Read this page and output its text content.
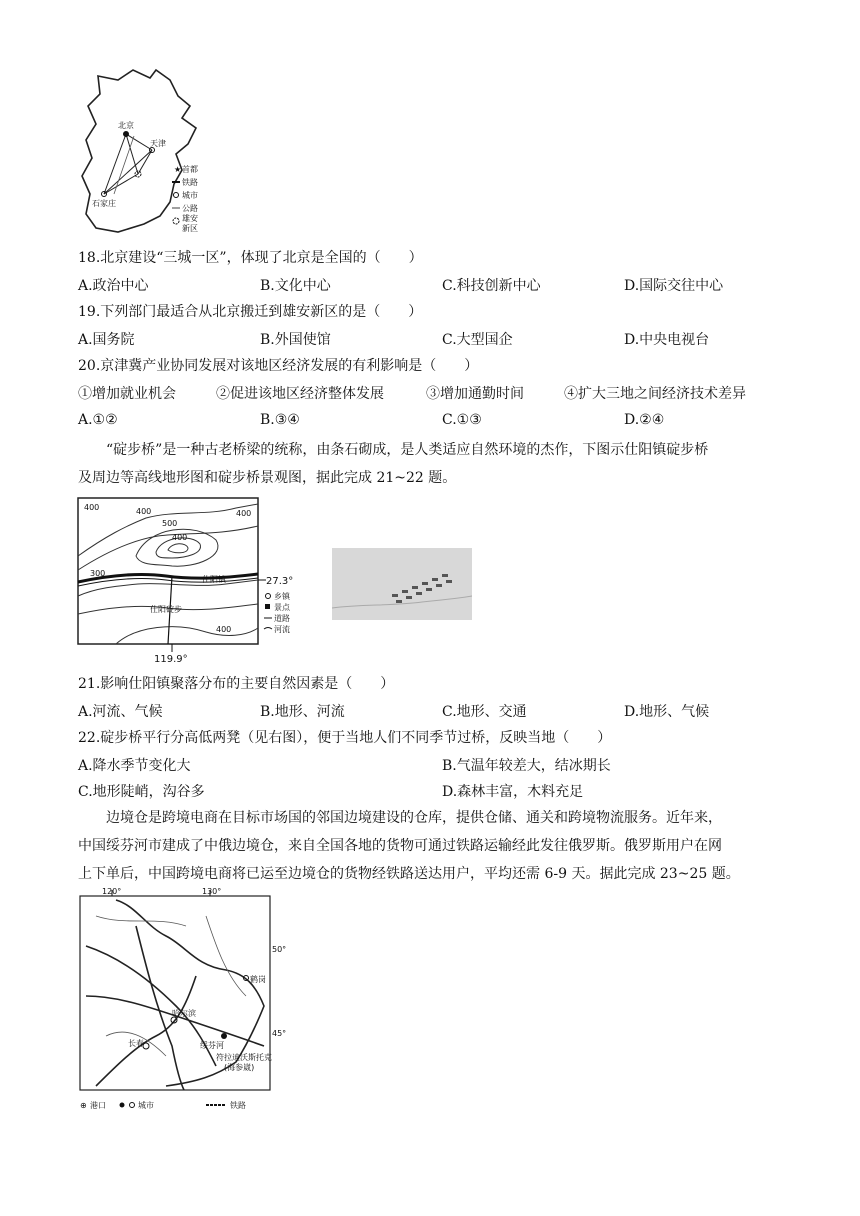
北京
天津
石家庄
★ 首都
铁路
城市
公路
雄安
新区
18.北京建设“三城一区”，体现了北京是全国的（　　）
A.政治中心	B.文化中心	C.科技创新中心	D.国际交往中心
19.下列部门最适合从北京搬迁到雄安新区的是（　　）
A.国务院	B.外国使馆	C.大型国企	D.中央电视台
20.京津冀产业协同发展对该地区经济发展的有利影响是（　　）
①增加就业机会	②促进该地区经济整体发展	③增加通勤时间	④扩大三地之间经济技术差异
A.①②	B.③④	C.①③	D.②④
“碇步桥”是一种古老桥梁的统称，由条石砌成，是人类适应自然环境的杰作，下图示仕阳镇碇步桥
及周边等高线地形图和碇步桥景观图，据此完成 21~22 题。
400	400	400
500
300
400
400
仕阳镇
仕阳碇步
27.3°
119.9°
乡镇
景点
道路
河流
21.影响仕阳镇聚落分布的主要自然因素是（　　）
A.河流、气候	B.地形、河流	C.地形、交通	D.地形、气候
22.碇步桥平行分高低两凳（见右图），便于当地人们不同季节过桥，反映当地（　　）
A.降水季节变化大	B.气温年较差大，结冰期长
C.地形陡峭，沟谷多	D.森林丰富，木料充足
边境仓是跨境电商在目标市场国的邻国边境建设的仓库，提供仓储、通关和跨境物流服务。近年来，
中国绥芬河市建成了中俄边境仓，来自全国各地的货物可通过铁路运输经此发往俄罗斯。俄罗斯用户在网
上下单后，中国跨境电商将已运至边境仓的货物经铁路送达用户，平均还需 6-9 天。据此完成 23~25 题。
120°	130°
50°
45°
哈尔滨
长春	绥芬河
符拉迪沃斯托克
(海参崴)
鹤岗
⊕ 港口	城市	铁路
